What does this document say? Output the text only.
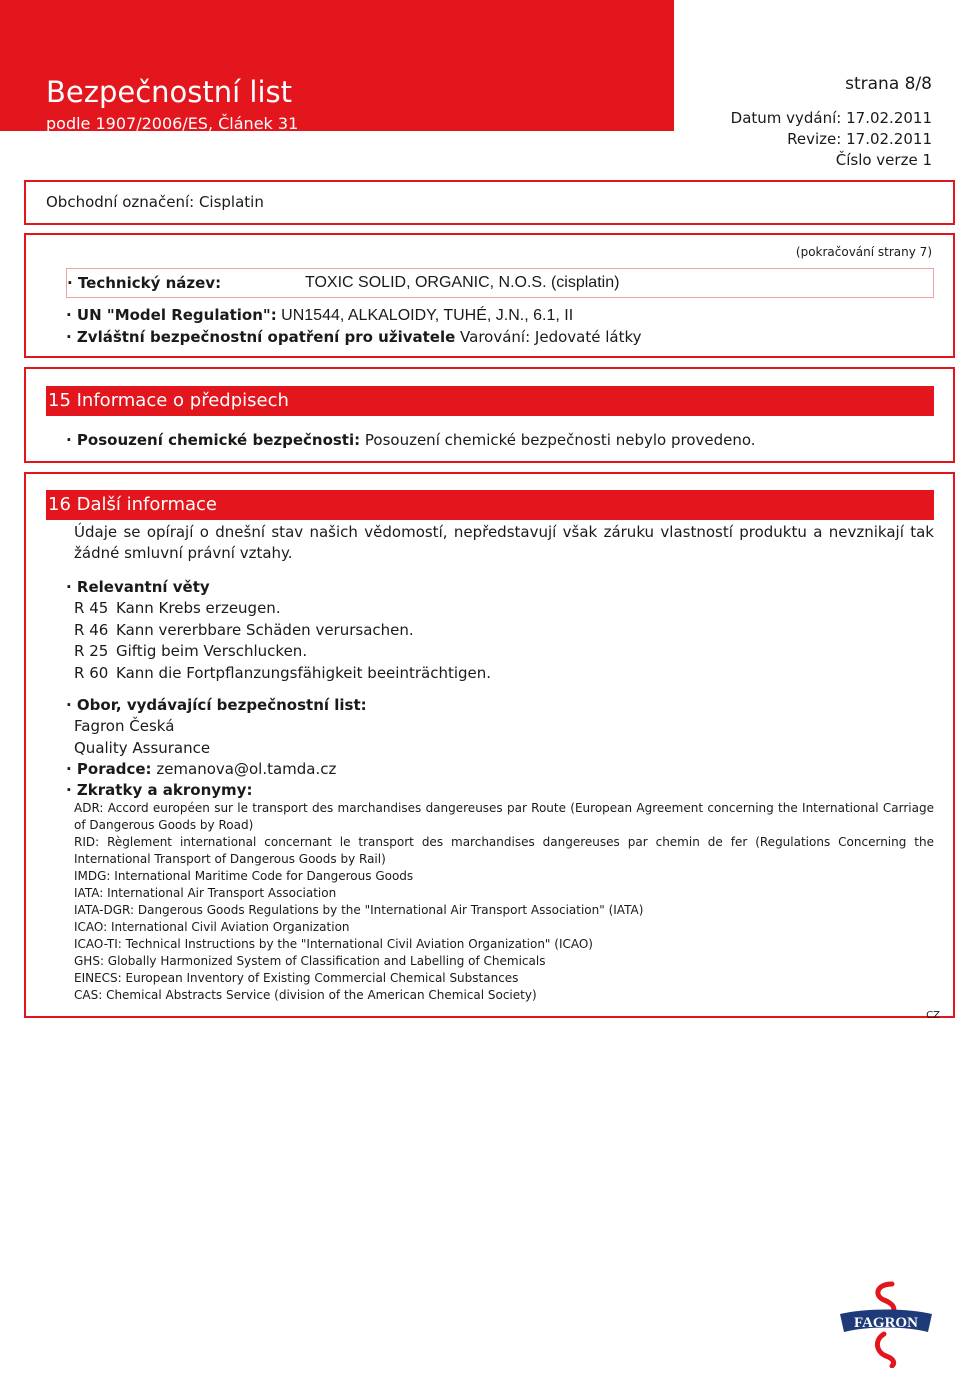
Bezpečnostní list
podle 1907/2006/ES, Článek 31
strana 8/8
Datum vydání: 17.02.2011
Revize: 17.02.2011
Číslo verze 1
Obchodní označení: Cisplatin
(pokračování strany 7)
· Technický název:	TOXIC SOLID, ORGANIC, N.O.S. (cisplatin)
· UN "Model Regulation": UN1544, ALKALOIDY, TUHÉ, J.N., 6.1, II
· Zvláštní bezpečnostní opatření pro uživatele Varování: Jedovaté látky
15 Informace o předpisech
· Posouzení chemické bezpečnosti: Posouzení chemické bezpečnosti nebylo provedeno.
16 Další informace
Údaje se opírají o dnešní stav našich vědomostí, nepředstavují však záruku vlastností produktu a nevznikají tak žádné smluvní právní vztahy.
· Relevantní věty
R 45 Kann Krebs erzeugen.
R 46 Kann vererbbare Schäden verursachen.
R 25 Giftig beim Verschlucken.
R 60 Kann die Fortpflanzungsfähigkeit beeinträchtigen.
· Obor, vydávající bezpečnostní list:
Fagron Česká
Quality Assurance
· Poradce: zemanova@ol.tamda.cz
· Zkratky a akronymy:
ADR: Accord européen sur le transport des marchandises dangereuses par Route (European Agreement concerning the International Carriage of Dangerous Goods by Road)
RID: Règlement international concernant le transport des marchandises dangereuses par chemin de fer (Regulations Concerning the International Transport of Dangerous Goods by Rail)
IMDG: International Maritime Code for Dangerous Goods
IATA: International Air Transport Association
IATA-DGR: Dangerous Goods Regulations by the "International Air Transport Association" (IATA)
ICAO: International Civil Aviation Organization
ICAO-TI: Technical Instructions by the "International Civil Aviation Organization" (ICAO)
GHS: Globally Harmonized System of Classification and Labelling of Chemicals
EINECS: European Inventory of Existing Commercial Chemical Substances
CAS: Chemical Abstracts Service (division of the American Chemical Society)
CZ
FAGRON
